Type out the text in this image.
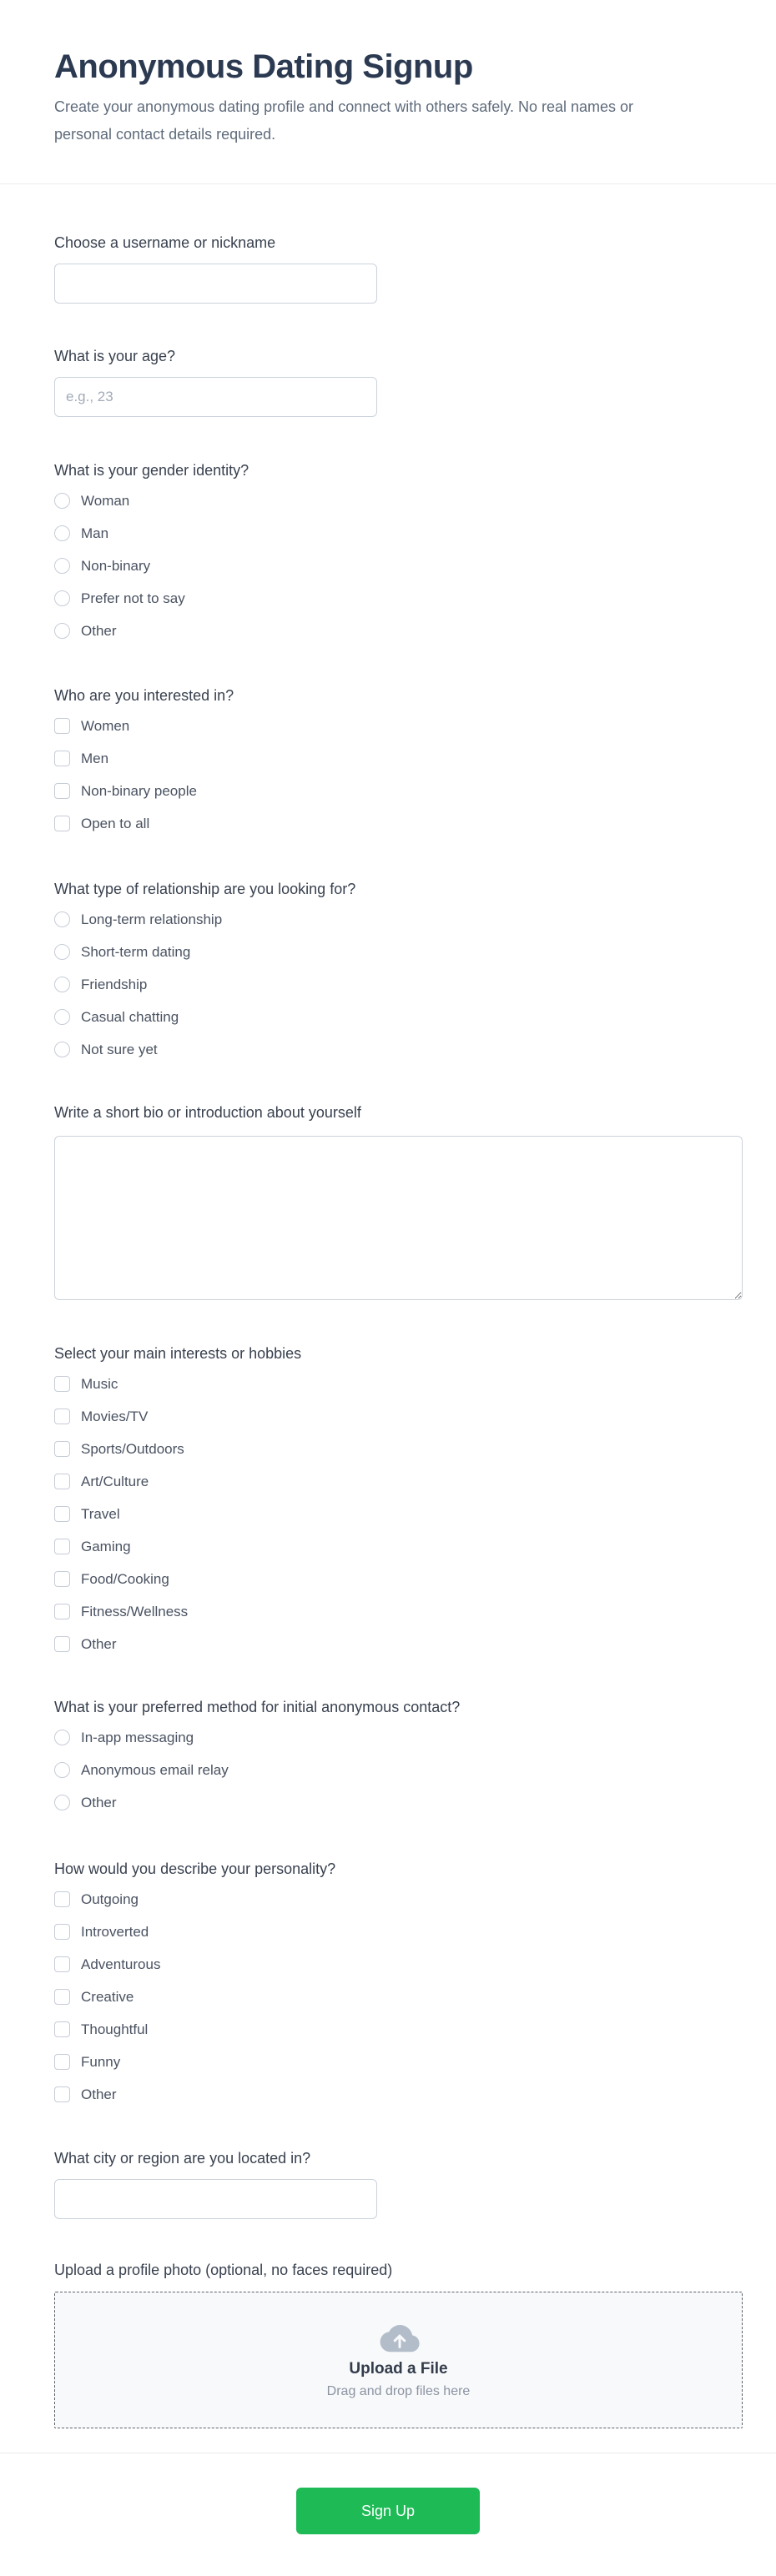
Anonymous Dating Signup

Create your anonymous dating profile and connect with others safely. No real names or personal contact details required.

Choose a username or nickname
What is your age?
e.g., 23
What is your gender identity?
Woman
Man
Non-binary
Prefer not to say
Other
Who are you interested in?
Women
Men
Non-binary people
Open to all
What type of relationship are you looking for?
Long-term relationship
Short-term dating
Friendship
Casual chatting
Not sure yet
Write a short bio or introduction about yourself
Select your main interests or hobbies
Music
Movies/TV
Sports/Outdoors
Art/Culture
Travel
Gaming
Food/Cooking
Fitness/Wellness
Other
What is your preferred method for initial anonymous contact?
In-app messaging
Anonymous email relay
Other
How would you describe your personality?
Outgoing
Introverted
Adventurous
Creative
Thoughtful
Funny
Other
What city or region are you located in?
Upload a profile photo (optional, no faces required)
Upload a File
Drag and drop files here
Sign Up
